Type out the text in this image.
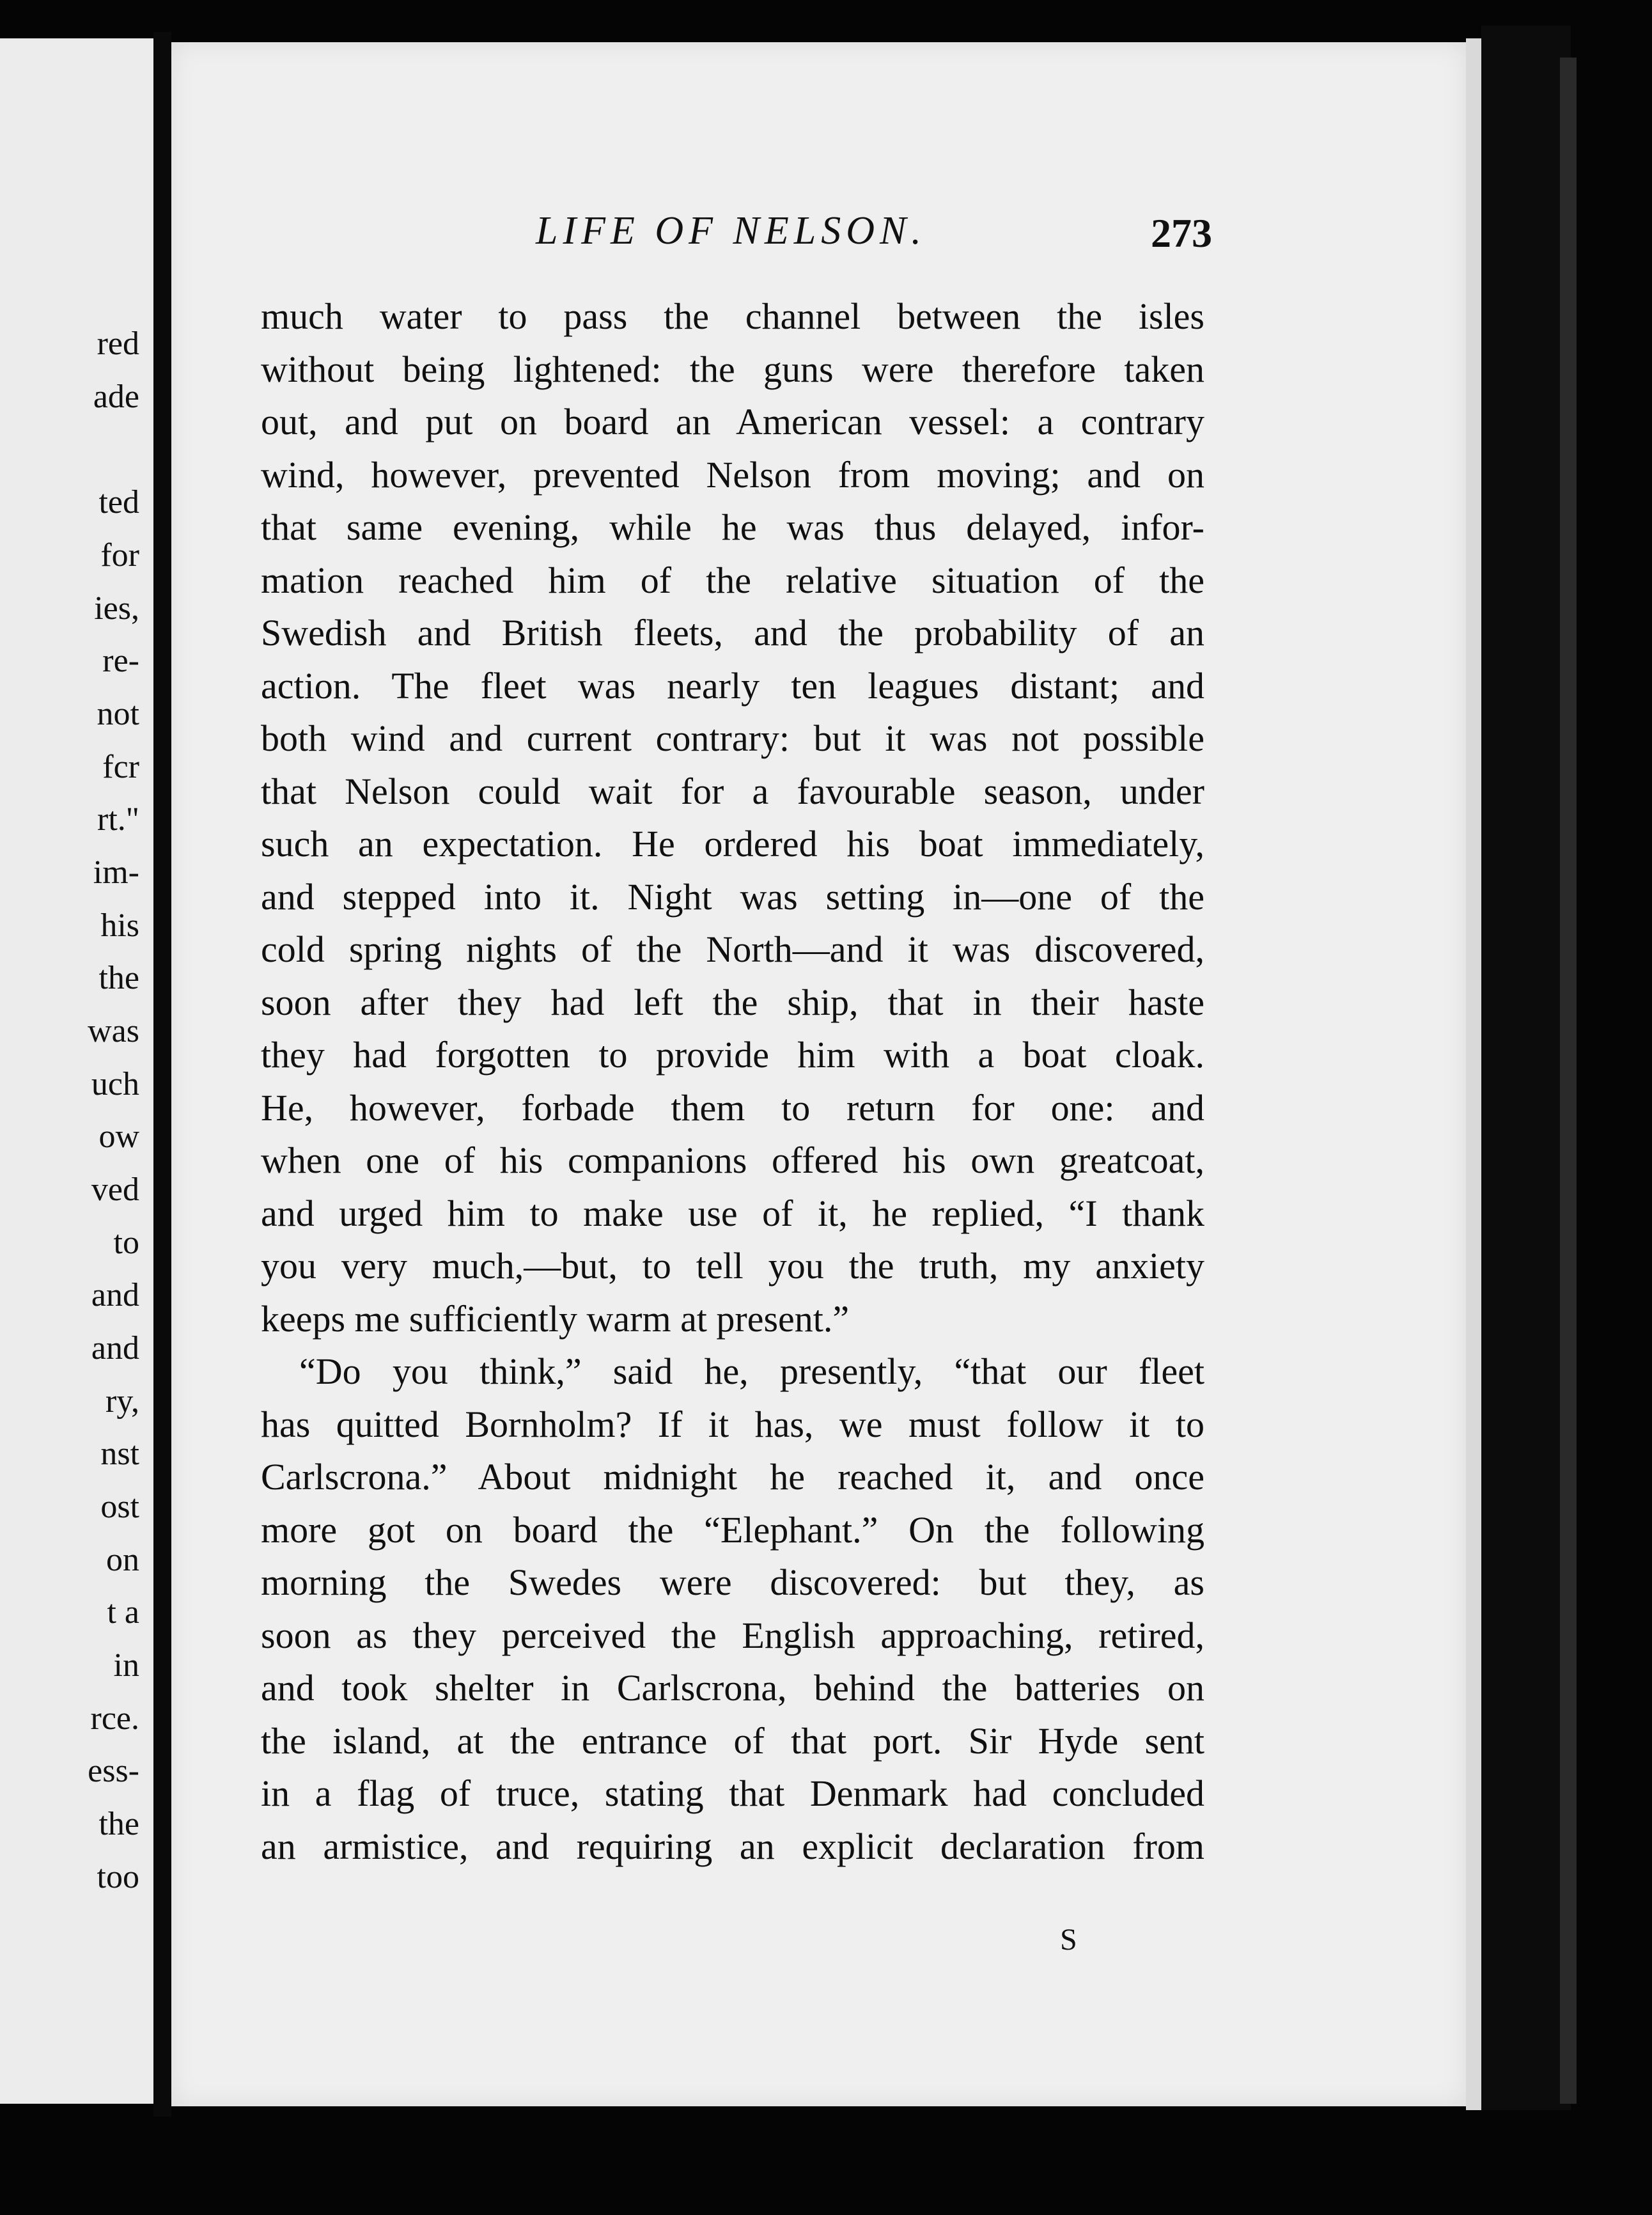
red
ade
ted
for
ies,
re-
not
fcr
rt."
im-
his
the
was
uch
ow
ved
to
and
and
ry,
nst
ost
on
t a
in
rce.
ess-
the
too
LIFE OF NELSON.	273
much water to pass the channel between the isles
without being lightened: the guns were therefore taken
out, and put on board an American vessel: a contrary
wind, however, prevented Nelson from moving; and on
that same evening, while he was thus delayed, infor-
mation reached him of the relative situation of the
Swedish and British fleets, and the probability of an
action. The fleet was nearly ten leagues distant; and
both wind and current contrary: but it was not possible
that Nelson could wait for a favourable season, under
such an expectation. He ordered his boat immediately,
and stepped into it. Night was setting in—one of the
cold spring nights of the North—and it was discovered,
soon after they had left the ship, that in their haste
they had forgotten to provide him with a boat cloak.
He, however, forbade them to return for one: and
when one of his companions offered his own greatcoat,
and urged him to make use of it, he replied, “I thank
you very much,—but, to tell you the truth, my anxiety
keeps me sufficiently warm at present.”
“Do you think,” said he, presently, “that our fleet
has quitted Bornholm? If it has, we must follow it to
Carlscrona.” About midnight he reached it, and once
more got on board the “Elephant.” On the following
morning the Swedes were discovered: but they, as
soon as they perceived the English approaching, retired,
and took shelter in Carlscrona, behind the batteries on
the island, at the entrance of that port. Sir Hyde sent
in a flag of truce, stating that Denmark had concluded
an armistice, and requiring an explicit declaration from
S
